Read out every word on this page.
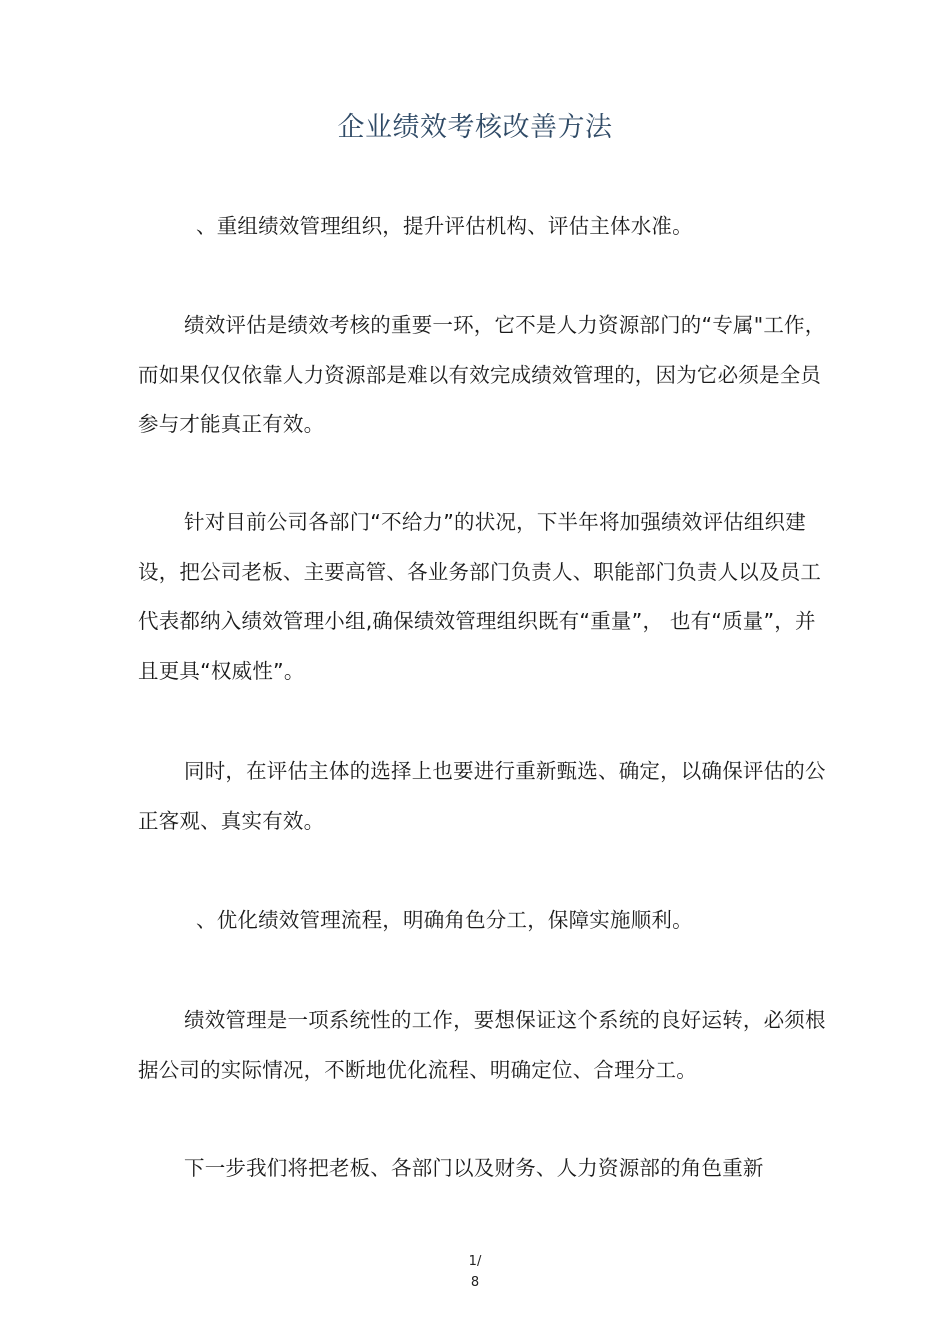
企业绩效考核改善方法

、重组绩效管理组织，提升评估机构、评估主体水准。

绩效评估是绩效考核的重要一环，它不是人力资源部门的“专属"工作，而如果仅仅依靠人力资源部是难以有效完成绩效管理的，因为它必须是全员参与才能真正有效。

针对目前公司各部门“不给力”的状况，下半年将加强绩效评估组织建设，把公司老板、主要高管、各业务部门负责人、职能部门负责人以及员工代表都纳入绩效管理小组,确保绩效管理组织既有“重量”， 也有“质量”，并且更具“权威性”。

同时，在评估主体的选择上也要进行重新甄选、确定，以确保评估的公正客观、真实有效。

、优化绩效管理流程，明确角色分工，保障实施顺利。

绩效管理是一项系统性的工作，要想保证这个系统的良好运转，必须根据公司的实际情况，不断地优化流程、明确定位、合理分工。

下一步我们将把老板、各部门以及财务、人力资源部的角色重新

1/
8
